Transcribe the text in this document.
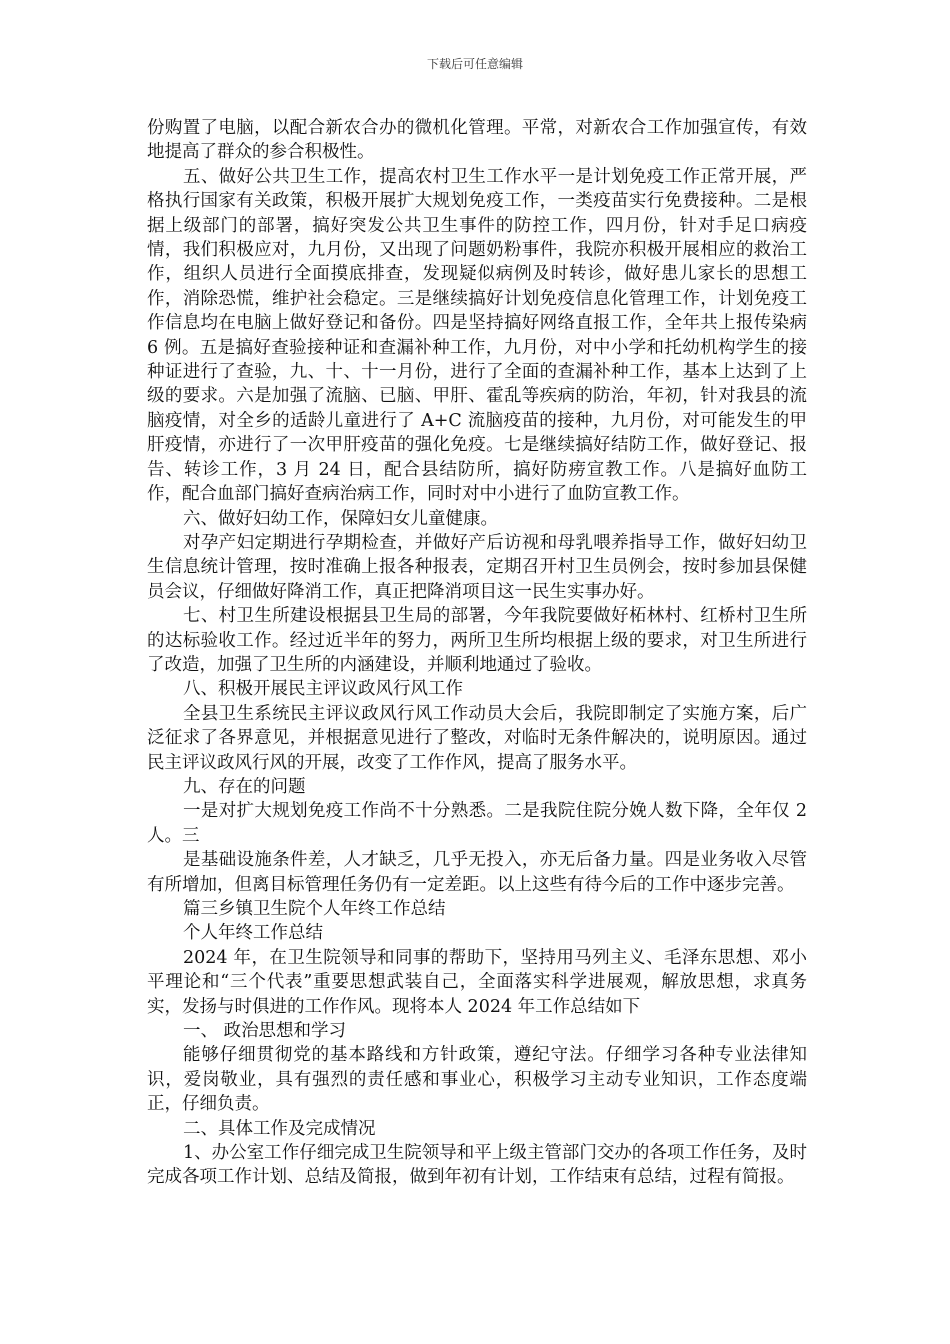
下载后可任意编辑

份购置了电脑，以配合新农合办的微机化管理。平常，对新农合工作加强宣传，有效地提高了群众的参合积极性。

五、做好公共卫生工作，提高农村卫生工作水平一是计划免疫工作正常开展，严格执行国家有关政策，积极开展扩大规划免疫工作，一类疫苗实行免费接种。二是根据上级部门的部署，搞好突发公共卫生事件的防控工作，四月份，针对手足口病疫情，我们积极应对，九月份，又出现了问题奶粉事件，我院亦积极开展相应的救治工作，组织人员进行全面摸底排查，发现疑似病例及时转诊，做好患儿家长的思想工作，消除恐慌，维护社会稳定。三是继续搞好计划免疫信息化管理工作，计划免疫工作信息均在电脑上做好登记和备份。四是坚持搞好网络直报工作，全年共上报传染病 6 例。五是搞好查验接种证和查漏补种工作，九月份，对中小学和托幼机构学生的接种证进行了查验，九、十、十一月份，进行了全面的查漏补种工作，基本上达到了上级的要求。六是加强了流脑、已脑、甲肝、霍乱等疾病的防治，年初，针对我县的流脑疫情，对全乡的适龄儿童进行了 A+C 流脑疫苗的接种，九月份，对可能发生的甲肝疫情，亦进行了一次甲肝疫苗的强化免疫。七是继续搞好结防工作，做好登记、报告、转诊工作，3 月 24 日，配合县结防所，搞好防痨宣教工作。八是搞好血防工作，配合血部门搞好查病治病工作，同时对中小进行了血防宣教工作。

六、做好妇幼工作，保障妇女儿童健康。

对孕产妇定期进行孕期检查，并做好产后访视和母乳喂养指导工作，做好妇幼卫生信息统计管理，按时准确上报各种报表，定期召开村卫生员例会，按时参加县保健员会议，仔细做好降消工作，真正把降消项目这一民生实事办好。

七、村卫生所建设根据县卫生局的部署，今年我院要做好柘林村、红桥村卫生所的达标验收工作。经过近半年的努力，两所卫生所均根据上级的要求，对卫生所进行了改造，加强了卫生所的内涵建设，并顺利地通过了验收。

八、积极开展民主评议政风行风工作

全县卫生系统民主评议政风行风工作动员大会后，我院即制定了实施方案，后广泛征求了各界意见，并根据意见进行了整改，对临时无条件解决的，说明原因。通过民主评议政风行风的开展，改变了工作作风，提高了服务水平。

九、存在的问题

一是对扩大规划免疫工作尚不十分熟悉。二是我院住院分娩人数下降，全年仅 2 人。三

是基础设施条件差，人才缺乏，几乎无投入，亦无后备力量。四是业务收入尽管有所增加，但离目标管理任务仍有一定差距。以上这些有待今后的工作中逐步完善。

篇三乡镇卫生院个人年终工作总结

个人年终工作总结

2024 年，在卫生院领导和同事的帮助下，坚持用马列主义、毛泽东思想、邓小平理论和“三个代表”重要思想武装自己，全面落实科学进展观，解放思想，求真务实，发扬与时俱进的工作作风。现将本人 2024 年工作总结如下

一、 政治思想和学习

能够仔细贯彻党的基本路线和方针政策，遵纪守法。仔细学习各种专业法律知识，爱岗敬业，具有强烈的责任感和事业心，积极学习主动专业知识，工作态度端正，仔细负责。

二、具体工作及完成情况

1、办公室工作仔细完成卫生院领导和平上级主管部门交办的各项工作任务，及时完成各项工作计划、总结及简报，做到年初有计划，工作结束有总结，过程有简报。
